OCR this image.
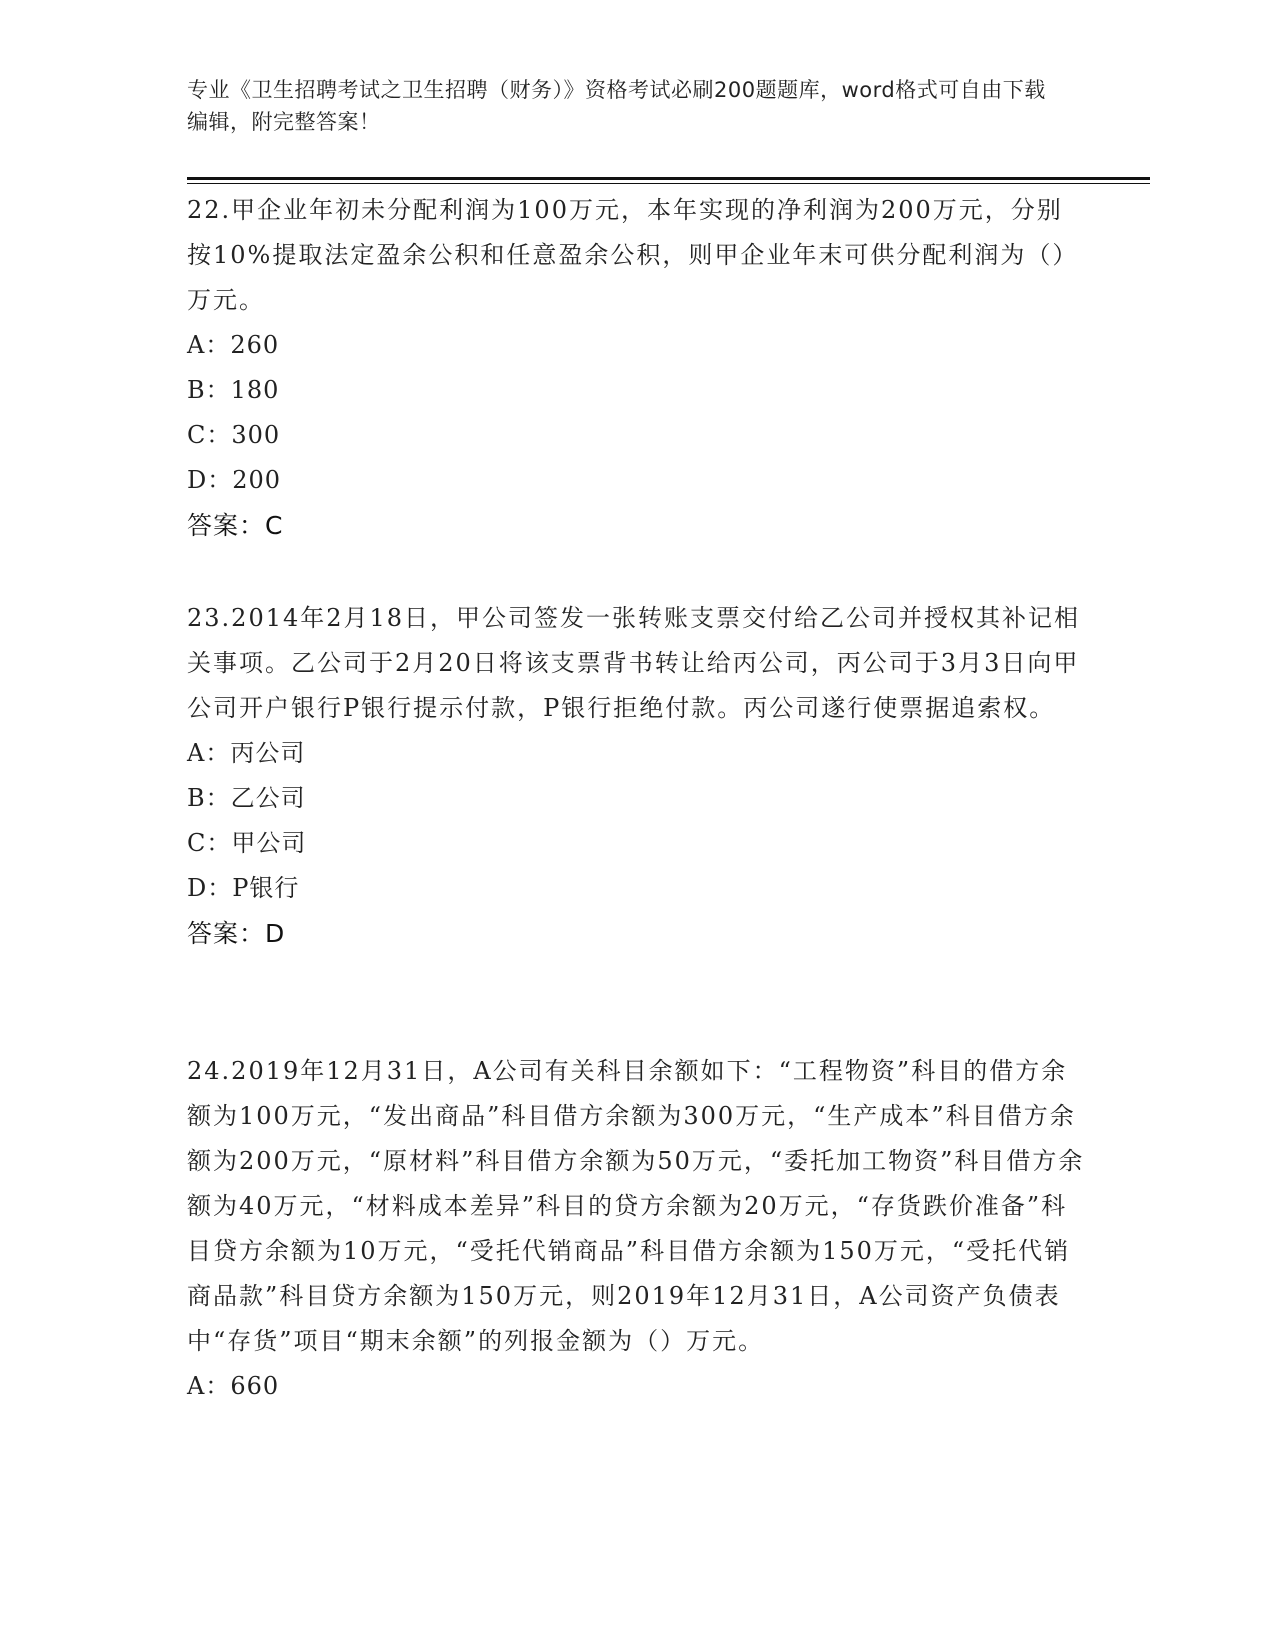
专业《卫生招聘考试之卫生招聘（财务）》资格考试必刷200题题库，word格式可自由下载编辑，附完整答案！

22.甲企业年初未分配利润为100万元，本年实现的净利润为200万元，分别按10%提取法定盈余公积和任意盈余公积，则甲企业年末可供分配利润为（）万元。

A：260

B：180

C：300

D：200

答案：C

23.2014年2月18日，甲公司签发一张转账支票交付给乙公司并授权其补记相关事项。乙公司于2月20日将该支票背书转让给丙公司，丙公司于3月3日向甲公司开户银行P银行提示付款，P银行拒绝付款。丙公司遂行使票据追索权。

A：丙公司

B：乙公司

C：甲公司

D：P银行

答案：D

24.2019年12月31日，A公司有关科目余额如下：“工程物资”科目的借方余额为100万元，“发出商品”科目借方余额为300万元，“生产成本”科目借方余额为200万元，“原材料”科目借方余额为50万元，“委托加工物资”科目借方余额为40万元，“材料成本差异”科目的贷方余额为20万元，“存货跌价准备”科目贷方余额为10万元，“受托代销商品”科目借方余额为150万元，“受托代销商品款”科目贷方余额为150万元，则2019年12月31日，A公司资产负债表中“存货”项目“期末余额”的列报金额为（）万元。

A：660
